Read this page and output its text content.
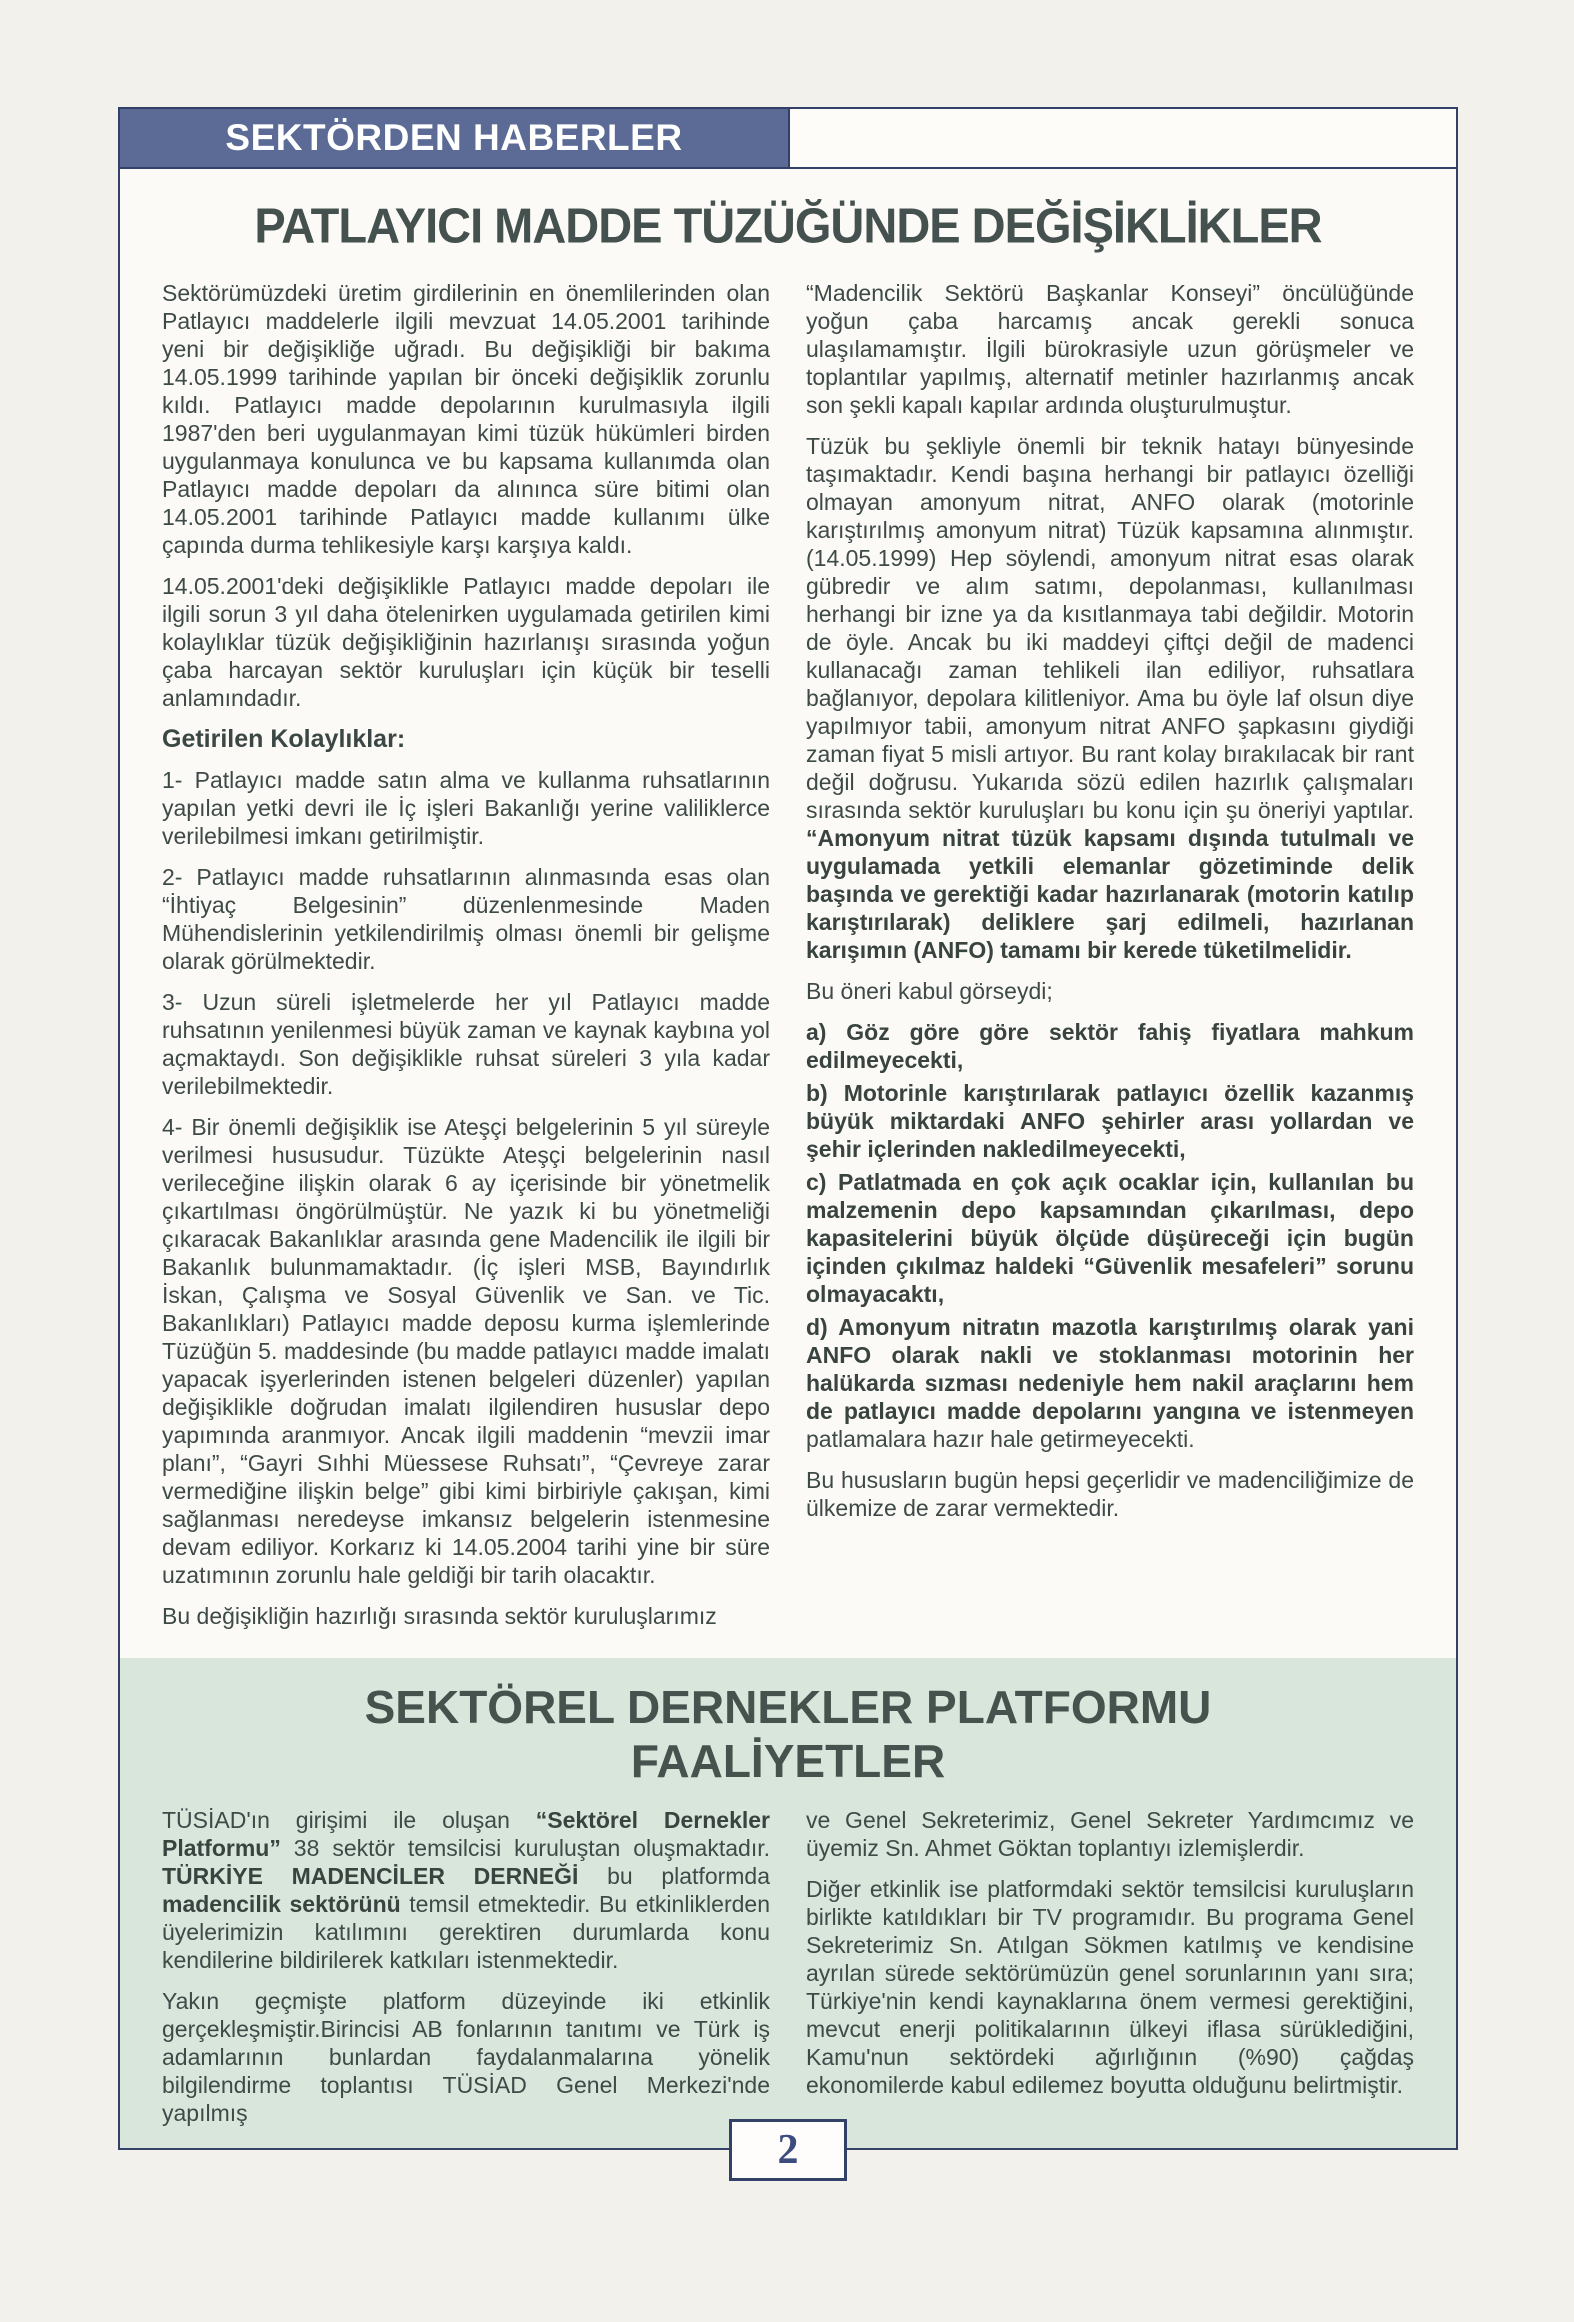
SEKTÖRDEN HABERLER
PATLAYICI MADDE TÜZÜĞÜNDE DEĞİŞİKLİKLER

Sektörümüzdeki üretim girdilerinin en önemlilerinden olan Patlayıcı maddelerle ilgili mevzuat 14.05.2001 tarihinde yeni bir değişikliğe uğradı. Bu değişikliği bir bakıma 14.05.1999 tarihinde yapılan bir önceki değişiklik zorunlu kıldı. Patlayıcı madde depolarının kurulmasıyla ilgili 1987'den beri uygulanmayan kimi tüzük hükümleri birden uygulanmaya konulunca ve bu kapsama kullanımda olan Patlayıcı madde depoları da alınınca süre bitimi olan 14.05.2001 tarihinde Patlayıcı madde kullanımı ülke çapında durma tehlikesiyle karşı karşıya kaldı.

14.05.2001'deki değişiklikle Patlayıcı madde depoları ile ilgili sorun 3 yıl daha ötelenirken uygulamada getirilen kimi kolaylıklar tüzük değişikliğinin hazırlanışı sırasında yoğun çaba harcayan sektör kuruluşları için küçük bir teselli anlamındadır.

Getirilen Kolaylıklar:

1- Patlayıcı madde satın alma ve kullanma ruhsatlarının yapılan yetki devri ile İç işleri Bakanlığı yerine valiliklerce verilebilmesi imkanı getirilmiştir.

2- Patlayıcı madde ruhsatlarının alınmasında esas olan “İhtiyaç Belgesinin” düzenlenmesinde Maden Mühendislerinin yetkilendirilmiş olması önemli bir gelişme olarak görülmektedir.

3- Uzun süreli işletmelerde her yıl Patlayıcı madde ruhsatının yenilenmesi büyük zaman ve kaynak kaybına yol açmaktaydı. Son değişiklikle ruhsat süreleri 3 yıla kadar verilebilmektedir.

4- Bir önemli değişiklik ise Ateşçi belgelerinin 5 yıl süreyle verilmesi hususudur. Tüzükte Ateşçi belgelerinin nasıl verileceğine ilişkin olarak 6 ay içerisinde bir yönetmelik çıkartılması öngörülmüştür. Ne yazık ki bu yönetmeliği çıkaracak Bakanlıklar arasında gene Madencilik ile ilgili bir Bakanlık bulunmamaktadır. (İç işleri MSB, Bayındırlık İskan, Çalışma ve Sosyal Güvenlik ve San. ve Tic. Bakanlıkları) Patlayıcı madde deposu kurma işlemlerinde Tüzüğün 5. maddesinde (bu madde patlayıcı madde imalatı yapacak işyerlerinden istenen belgeleri düzenler) yapılan değişiklikle doğrudan imalatı ilgilendiren hususlar depo yapımında aranmıyor. Ancak ilgili maddenin “mevzii imar planı”, “Gayri Sıhhi Müessese Ruhsatı”, “Çevreye zarar vermediğine ilişkin belge” gibi kimi birbiriyle çakışan, kimi sağlanması neredeyse imkansız belgelerin istenmesine devam ediliyor. Korkarız ki 14.05.2004 tarihi yine bir süre uzatımının zorunlu hale geldiği bir tarih olacaktır.

Bu değişikliğin hazırlığı sırasında sektör kuruluşlarımız

“Madencilik Sektörü Başkanlar Konseyi” öncülüğünde yoğun çaba harcamış ancak gerekli sonuca ulaşılamamıştır. İlgili bürokrasiyle uzun görüşmeler ve toplantılar yapılmış, alternatif metinler hazırlanmış ancak son şekli kapalı kapılar ardında oluşturulmuştur.

Tüzük bu şekliyle önemli bir teknik hatayı bünyesinde taşımaktadır. Kendi başına herhangi bir patlayıcı özelliği olmayan amonyum nitrat, ANFO olarak (motorinle karıştırılmış amonyum nitrat) Tüzük kapsamına alınmıştır. (14.05.1999) Hep söylendi, amonyum nitrat esas olarak gübredir ve alım satımı, depolanması, kullanılması herhangi bir izne ya da kısıtlanmaya tabi değildir. Motorin de öyle. Ancak bu iki maddeyi çiftçi değil de madenci kullanacağı zaman tehlikeli ilan ediliyor, ruhsatlara bağlanıyor, depolara kilitleniyor. Ama bu öyle laf olsun diye yapılmıyor tabii, amonyum nitrat ANFO şapkasını giydiği zaman fiyat 5 misli artıyor. Bu rant kolay bırakılacak bir rant değil doğrusu. Yukarıda sözü edilen hazırlık çalışmaları sırasında sektör kuruluşları bu konu için şu öneriyi yaptılar. “Amonyum nitrat tüzük kapsamı dışında tutulmalı ve uygulamada yetkili elemanlar gözetiminde delik başında ve gerektiği kadar hazırlanarak (motorin katılıp karıştırılarak) deliklere şarj edilmeli, hazırlanan karışımın (ANFO) tamamı bir kerede tüketilmelidir.

Bu öneri kabul görseydi;

a) Göz göre göre sektör fahiş fiyatlara mahkum edilmeyecekti,

b) Motorinle karıştırılarak patlayıcı özellik kazanmış büyük miktardaki ANFO şehirler arası yollardan ve şehir içlerinden nakledilmeyecekti,

c) Patlatmada en çok açık ocaklar için, kullanılan bu malzemenin depo kapsamından çıkarılması, depo kapasitelerini büyük ölçüde düşüreceği için bugün içinden çıkılmaz haldeki “Güvenlik mesafeleri” sorunu olmayacaktı,

d) Amonyum nitratın mazotla karıştırılmış olarak yani ANFO olarak nakli ve stoklanması motorinin her halükarda sızması nedeniyle hem nakil araçlarını hem de patlayıcı madde depolarını yangına ve istenmeyen patlamalara hazır hale getirmeyecekti.

Bu hususların bugün hepsi geçerlidir ve madenciliğimize de ülkemize de zarar vermektedir.

SEKTÖREL DERNEKLER PLATFORMU
FAALİYETLER

TÜSİAD'ın girişimi ile oluşan “Sektörel Dernekler Platformu” 38 sektör temsilcisi kuruluştan oluşmaktadır. TÜRKİYE MADENCİLER DERNEĞİ bu platformda madencilik sektörünü temsil etmektedir. Bu etkinliklerden üyelerimizin katılımını gerektiren durumlarda konu kendilerine bildirilerek katkıları istenmektedir.

Yakın geçmişte platform düzeyinde iki etkinlik gerçekleşmiştir.Birincisi AB fonlarının tanıtımı ve Türk iş adamlarının bunlardan faydalanmalarına yönelik bilgilendirme toplantısı TÜSİAD Genel Merkezi'nde yapılmış

ve Genel Sekreterimiz, Genel Sekreter Yardımcımız ve üyemiz Sn. Ahmet Göktan toplantıyı izlemişlerdir.

Diğer etkinlik ise platformdaki sektör temsilcisi kuruluşların birlikte katıldıkları bir TV programıdır. Bu programa Genel Sekreterimiz Sn. Atılgan Sökmen katılmış ve kendisine ayrılan sürede sektörümüzün genel sorunlarının yanı sıra; Türkiye'nin kendi kaynaklarına önem vermesi gerektiğini, mevcut enerji politikalarının ülkeyi iflasa sürüklediğini, Kamu'nun sektördeki ağırlığının (%90) çağdaş ekonomilerde kabul edilemez boyutta olduğunu belirtmiştir.

2
